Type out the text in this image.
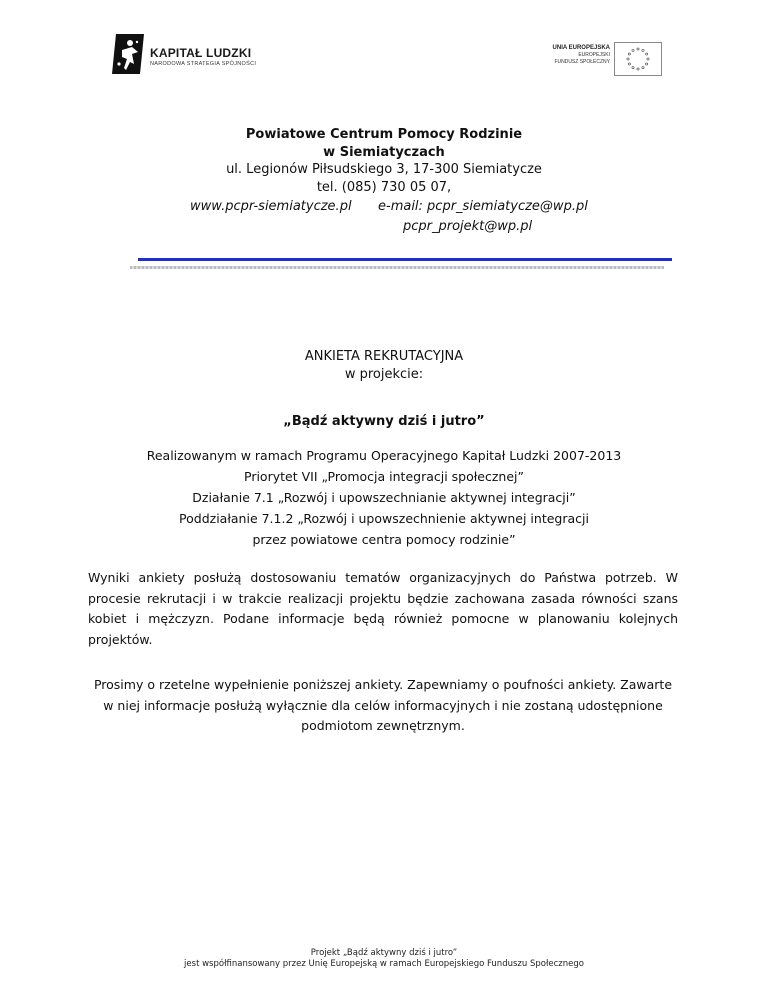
KAPITAŁ LUDZKI
NARODOWA STRATEGIA SPÓJNOŚCI
UNIA EUROPEJSKA
EUROPEJSKI
FUNDUSZ SPOŁECZNY
Powiatowe Centrum Pomocy Rodzinie
w Siemiatyczach
ul. Legionów Piłsudskiego 3, 17-300 Siemiatycze
tel. (085) 730 05 07,
www.pcpr-siemiatycze.pl e-mail: pcpr_siemiatycze@wp.pl
pcpr_projekt@wp.pl
ANKIETA REKRUTACYJNA
w projekcie:
„Bądź aktywny dziś i jutro”
Realizowanym w ramach Programu Operacyjnego Kapitał Ludzki 2007-2013
Priorytet VII „Promocja integracji społecznej”
Działanie 7.1 „Rozwój i upowszechnianie aktywnej integracji”
Poddziałanie 7.1.2 „Rozwój i upowszechnienie aktywnej integracji
przez powiatowe centra pomocy rodzinie”
Wyniki ankiety posłużą dostosowaniu tematów organizacyjnych do Państwa potrzeb. W procesie rekrutacji i w trakcie realizacji projektu będzie zachowana zasada równości szans kobiet i mężczyzn. Podane informacje będą również pomocne w planowaniu kolejnych projektów.
Prosimy o rzetelne wypełnienie poniższej ankiety. Zapewniamy o poufności ankiety. Zawarte w niej informacje posłużą wyłącznie dla celów informacyjnych i nie zostaną udostępnione podmiotom zewnętrznym.
Projekt „Bądź aktywny dziś i jutro”
jest współfinansowany przez Unię Europejską w ramach Europejskiego Funduszu Społecznego
